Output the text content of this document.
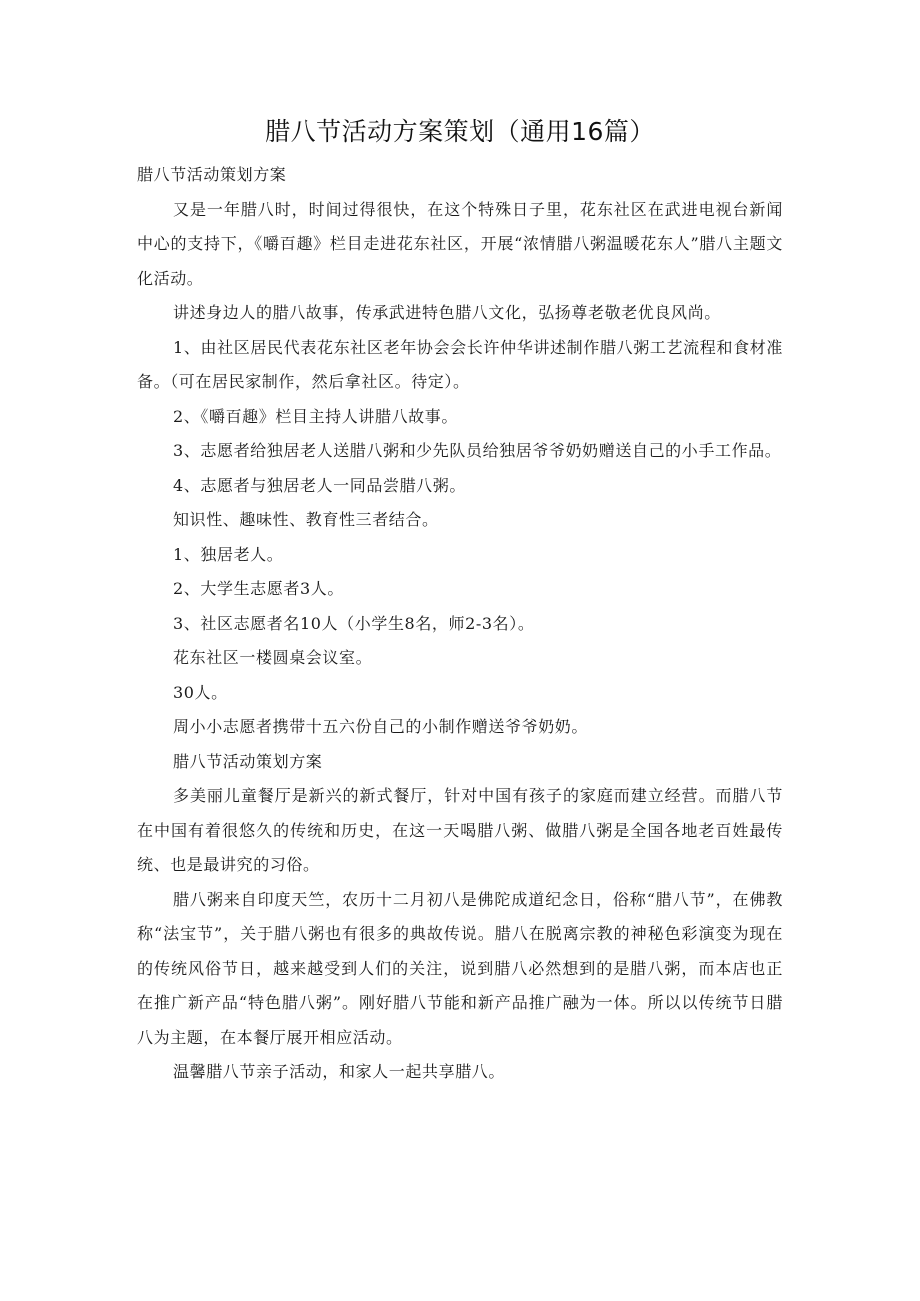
腊八节活动方案策划（通用16篇）

腊八节活动策划方案

又是一年腊八时，时间过得很快，在这个特殊日子里，花东社区在武进电视台新闻中心的支持下，《嚼百趣》栏目走进花东社区，开展“浓情腊八粥温暖花东人”腊八主题文化活动。

讲述身边人的腊八故事，传承武进特色腊八文化，弘扬尊老敬老优良风尚。

1、由社区居民代表花东社区老年协会会长许仲华讲述制作腊八粥工艺流程和食材准备。（可在居民家制作，然后拿社区。待定）。

2、《嚼百趣》栏目主持人讲腊八故事。

3、志愿者给独居老人送腊八粥和少先队员给独居爷爷奶奶赠送自己的小手工作品。

4、志愿者与独居老人一同品尝腊八粥。

知识性、趣味性、教育性三者结合。

1、独居老人。

2、大学生志愿者3人。

3、社区志愿者名10人（小学生8名，师2-3名）。

花东社区一楼圆桌会议室。

30人。

周小小志愿者携带十五六份自己的小制作赠送爷爷奶奶。

腊八节活动策划方案

多美丽儿童餐厅是新兴的新式餐厅，针对中国有孩子的家庭而建立经营。而腊八节在中国有着很悠久的传统和历史，在这一天喝腊八粥、做腊八粥是全国各地老百姓最传统、也是最讲究的习俗。

腊八粥来自印度天竺，农历十二月初八是佛陀成道纪念日，俗称“腊八节”，在佛教称“法宝节”，关于腊八粥也有很多的典故传说。腊八在脱离宗教的神秘色彩演变为现在的传统风俗节日，越来越受到人们的关注，说到腊八必然想到的是腊八粥，而本店也正在推广新产品“特色腊八粥”。刚好腊八节能和新产品推广融为一体。所以以传统节日腊八为主题，在本餐厅展开相应活动。

温馨腊八节亲子活动，和家人一起共享腊八。
